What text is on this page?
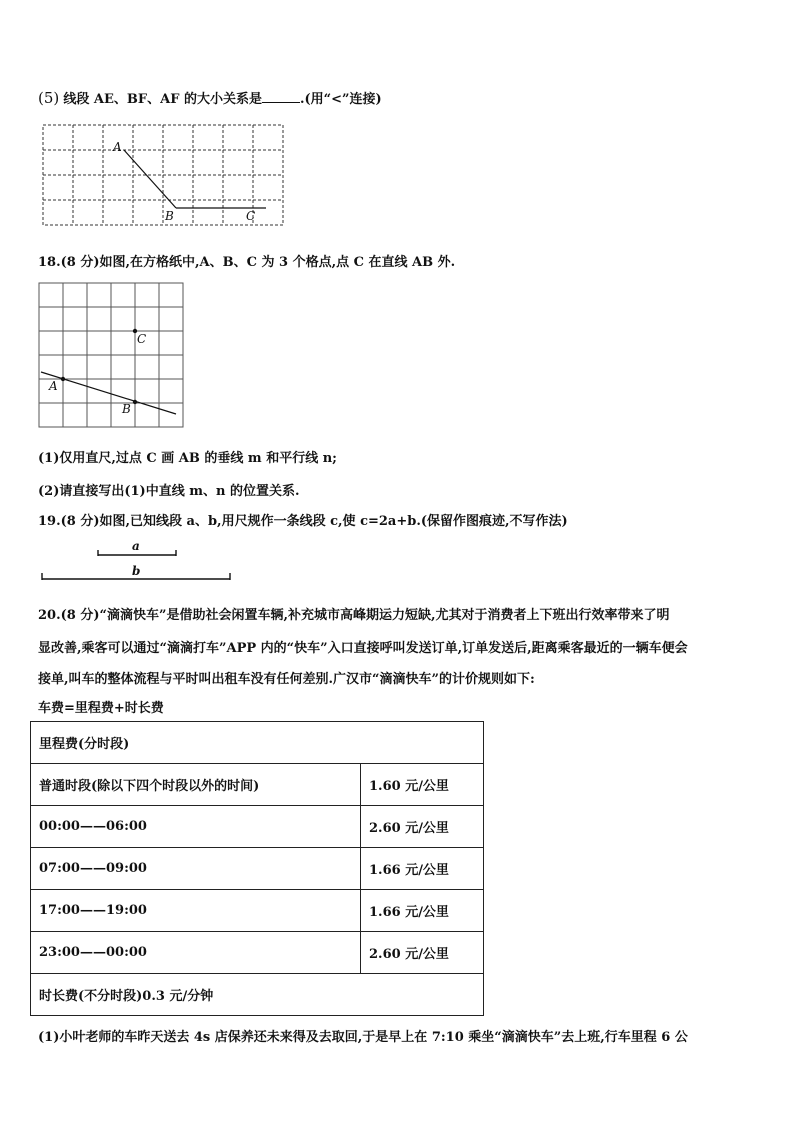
(5) 线段 AE、BF、AF 的大小关系是	.(用“<”连接)
A
B	C
18.(8 分)如图,在方格纸中,A、B、C 为 3 个格点,点 C 在直线 AB 外.
A
B
C
(1)仅用直尺,过点 C 画 AB 的垂线 m 和平行线 n;
(2)请直接写出(1)中直线 m、n 的位置关系.
19.(8 分)如图,已知线段 a、b,用尺规作一条线段 c,使 c=2a+b.(保留作图痕迹,不写作法)
a
b
20.(8 分)“滴滴快车”是借助社会闲置车辆,补充城市高峰期运力短缺,尤其对于消费者上下班出行效率带来了明
显改善,乘客可以通过“滴滴打车”APP 内的“快车”入口直接呼叫发送订单,订单发送后,距离乘客最近的一辆车便会
接单,叫车的整体流程与平时叫出租车没有任何差别.广汉市“滴滴快车”的计价规则如下:
车费=里程费+时长费
里程费(分时段)	
普通时段(除以下四个时段以外的时间)	1.60 元/公里
00:00——06:00	2.60 元/公里
07:00——09:00	1.66 元/公里
17:00——19:00	1.66 元/公里
23:00——00:00	2.60 元/公里
时长费(不分时段)0.3 元/分钟	
(1)小叶老师的车昨天送去 4s 店保养还未来得及去取回,于是早上在 7:10 乘坐“滴滴快车”去上班,行车里程 6 公
